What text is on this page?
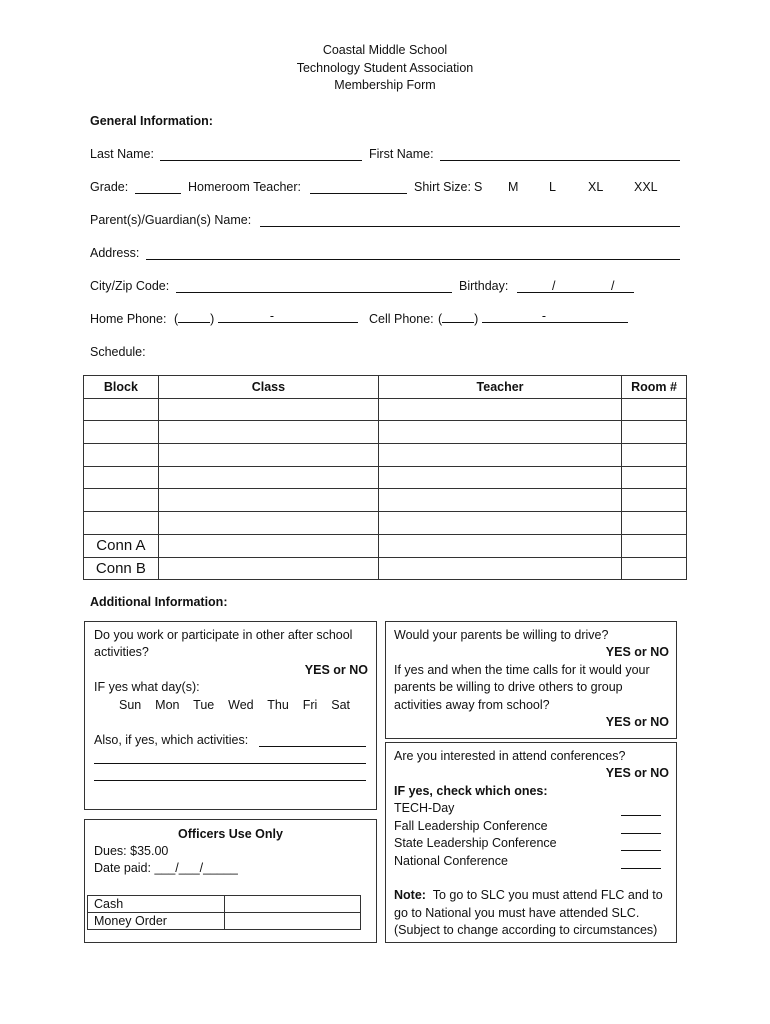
Coastal Middle School
Technology Student Association
Membership Form
General Information:
Last Name:	First Name:
Grade:	Homeroom Teacher:	Shirt Size: S M L	XL XXL
Parent(s)/Guardian(s) Name:
Address:
City/Zip Code:	Birthday:	/ /
Home Phone: (	)	-	Cell Phone: (	)	-
Schedule:
Block	Class	Teacher	Room #

Conn A			
Conn B			
Additional Information:
Do you work or participate in other after school
activities?
YES or NO
IF yes what day(s):
Sun Mon Tue Wed Thu Fri Sat
Also, if yes, which activities:
Would your parents be willing to drive?
YES or NO
If yes and when the time calls for it would your
parents be willing to drive others to group
activities away from school?
YES or NO
Are you interested in attend conferences?
YES or NO
IF yes, check which ones:
TECH-Day
Fall Leadership Conference
State Leadership Conference
National Conference
Note: To go to SLC you must attend FLC and to
go to National you must have attended SLC.
(Subject to change according to circumstances)
Officers Use Only
Dues: $35.00
Date paid: ___/___/_____
Cash	
Money Order	
